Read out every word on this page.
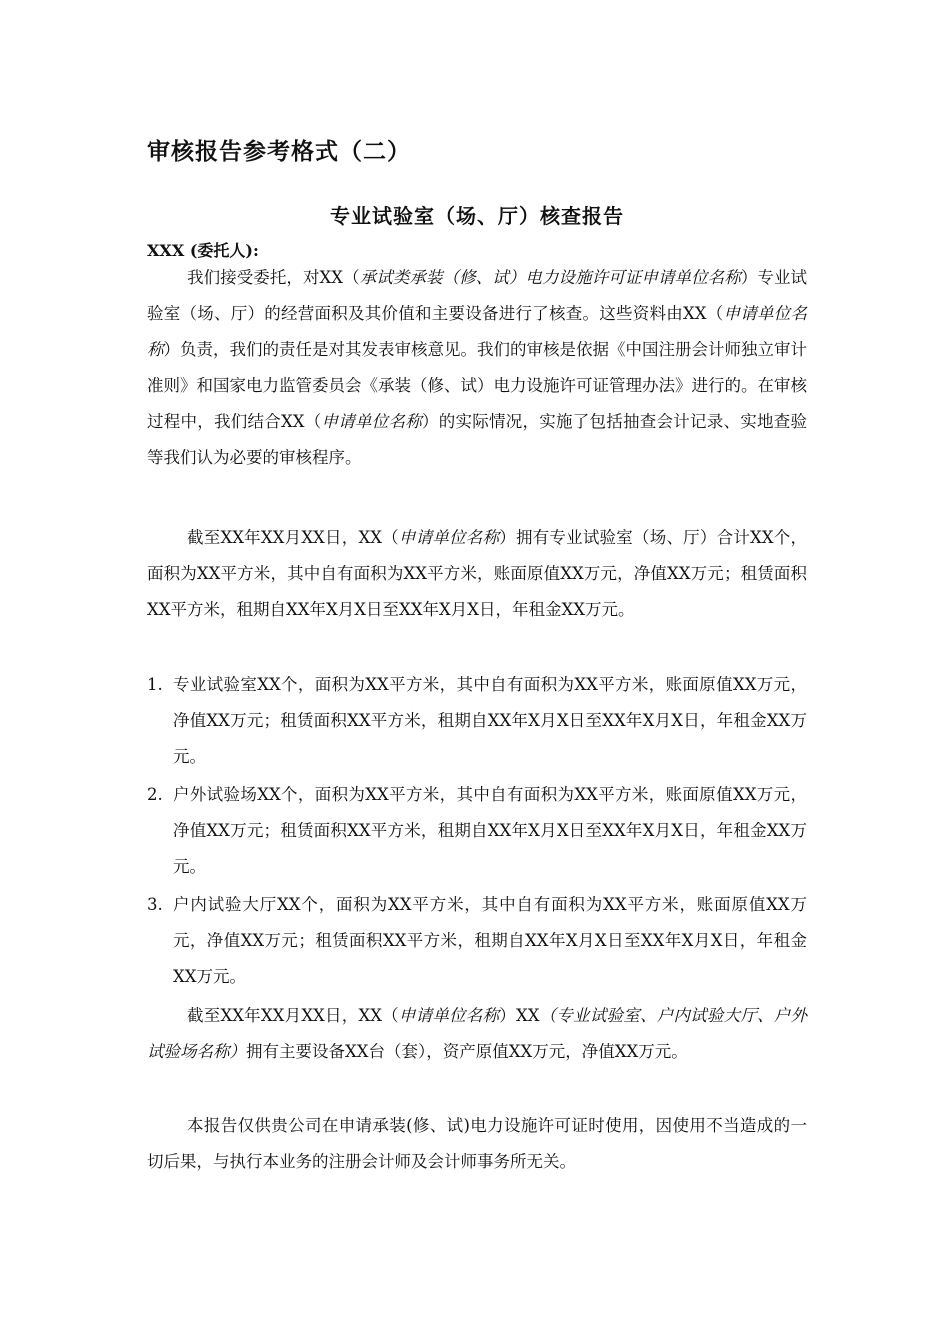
审核报告参考格式（二）
专业试验室（场、厅）核查报告
XXX (委托人):

我们接受委托，对XX（承试类承装（修、试）电力设施许可证申请单位名称）专业试验室（场、厅）的经营面积及其价值和主要设备进行了核查。这些资料由XX（申请单位名称）负责，我们的责任是对其发表审核意见。我们的审核是依据《中国注册会计师独立审计准则》和国家电力监管委员会《承装（修、试）电力设施许可证管理办法》进行的。在审核过程中，我们结合XX（申请单位名称）的实际情况，实施了包括抽查会计记录、实地查验等我们认为必要的审核程序。

截至XX年XX月XX日，XX（申请单位名称）拥有专业试验室（场、厅）合计XX个，面积为XX平方米，其中自有面积为XX平方米，账面原值XX万元，净值XX万元；租赁面积XX平方米，租期自XX年X月X日至XX年X月X日，年租金XX万元。

1. 专业试验室XX个，面积为XX平方米，其中自有面积为XX平方米，账面原值XX万元，净值XX万元；租赁面积XX平方米，租期自XX年X月X日至XX年X月X日，年租金XX万元。
2. 户外试验场XX个，面积为XX平方米，其中自有面积为XX平方米，账面原值XX万元，净值XX万元；租赁面积XX平方米，租期自XX年X月X日至XX年X月X日，年租金XX万元。
3. 户内试验大厅XX个，面积为XX平方米，其中自有面积为XX平方米，账面原值XX万元，净值XX万元；租赁面积XX平方米，租期自XX年X月X日至XX年X月X日，年租金XX万元。

截至XX年XX月XX日，XX（申请单位名称）XX（专业试验室、户内试验大厅、户外试验场名称）拥有主要设备XX台（套），资产原值XX万元，净值XX万元。

本报告仅供贵公司在申请承装(修、试)电力设施许可证时使用，因使用不当造成的一切后果，与执行本业务的注册会计师及会计师事务所无关。
